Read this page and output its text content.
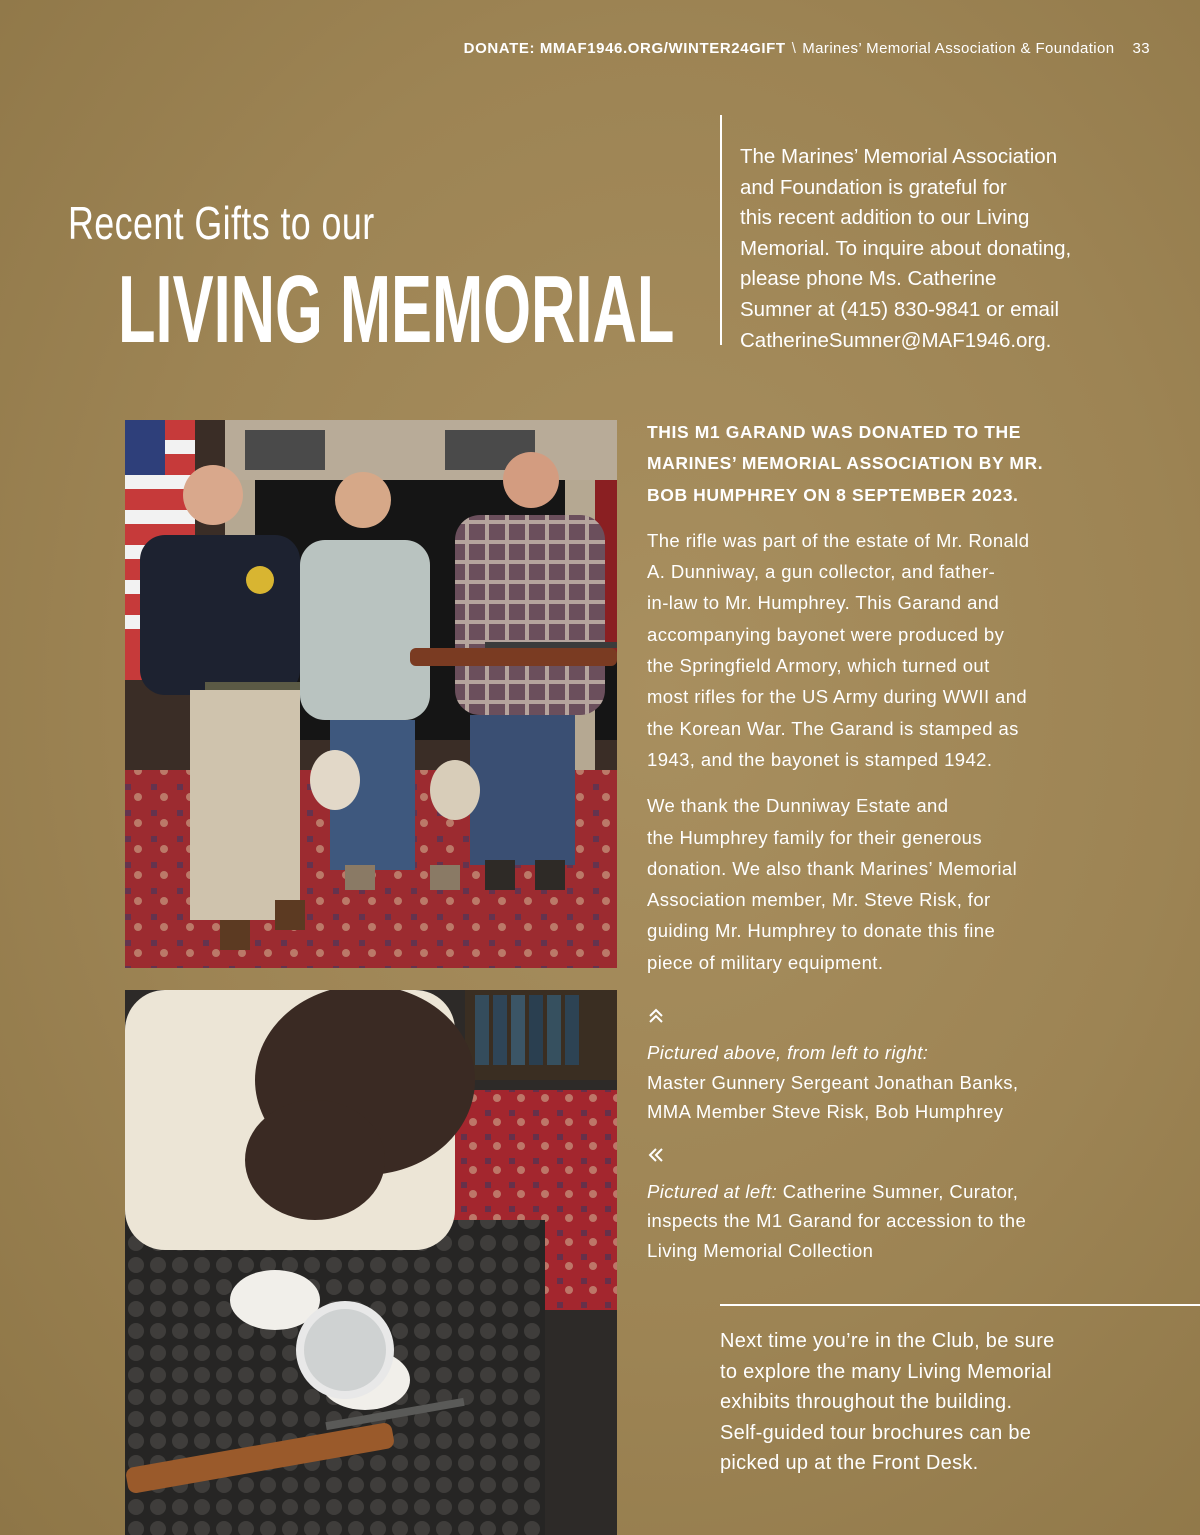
DONATE: MMAF1946.ORG/WINTER24GIFT \ Marines’ Memorial Association & Foundation 33
Recent Gifts to our
LIVING MEMORIAL
The Marines’ Memorial Association
and Foundation is grateful for
this recent addition to our Living
Memorial. To inquire about donating,
please phone Ms. Catherine
Sumner at (415) 830-9841 or email
CatherineSumner@MAF1946.org.

THIS M1 GARAND WAS DONATED TO THE
MARINES’ MEMORIAL ASSOCIATION BY MR.
BOB HUMPHREY ON 8 SEPTEMBER 2023.

The rifle was part of the estate of Mr. Ronald
A. Dunniway, a gun collector, and father-
in-law to Mr. Humphrey. This Garand and
accompanying bayonet were produced by
the Springfield Armory, which turned out
most rifles for the US Army during WWII and
the Korean War. The Garand is stamped as
1943, and the bayonet is stamped 1942.

We thank the Dunniway Estate and
the Humphrey family for their generous
donation. We also thank Marines’ Memorial
Association member, Mr. Steve Risk, for
guiding Mr. Humphrey to donate this fine
piece of military equipment.

Pictured above, from left to right:
Master Gunnery Sergeant Jonathan Banks,
MMA Member Steve Risk, Bob Humphrey

Pictured at left: Catherine Sumner, Curator,
inspects the M1 Garand for accession to the
Living Memorial Collection

Next time you’re in the Club, be sure
to explore the many Living Memorial
exhibits throughout the building.
Self-guided tour brochures can be
picked up at the Front Desk.
